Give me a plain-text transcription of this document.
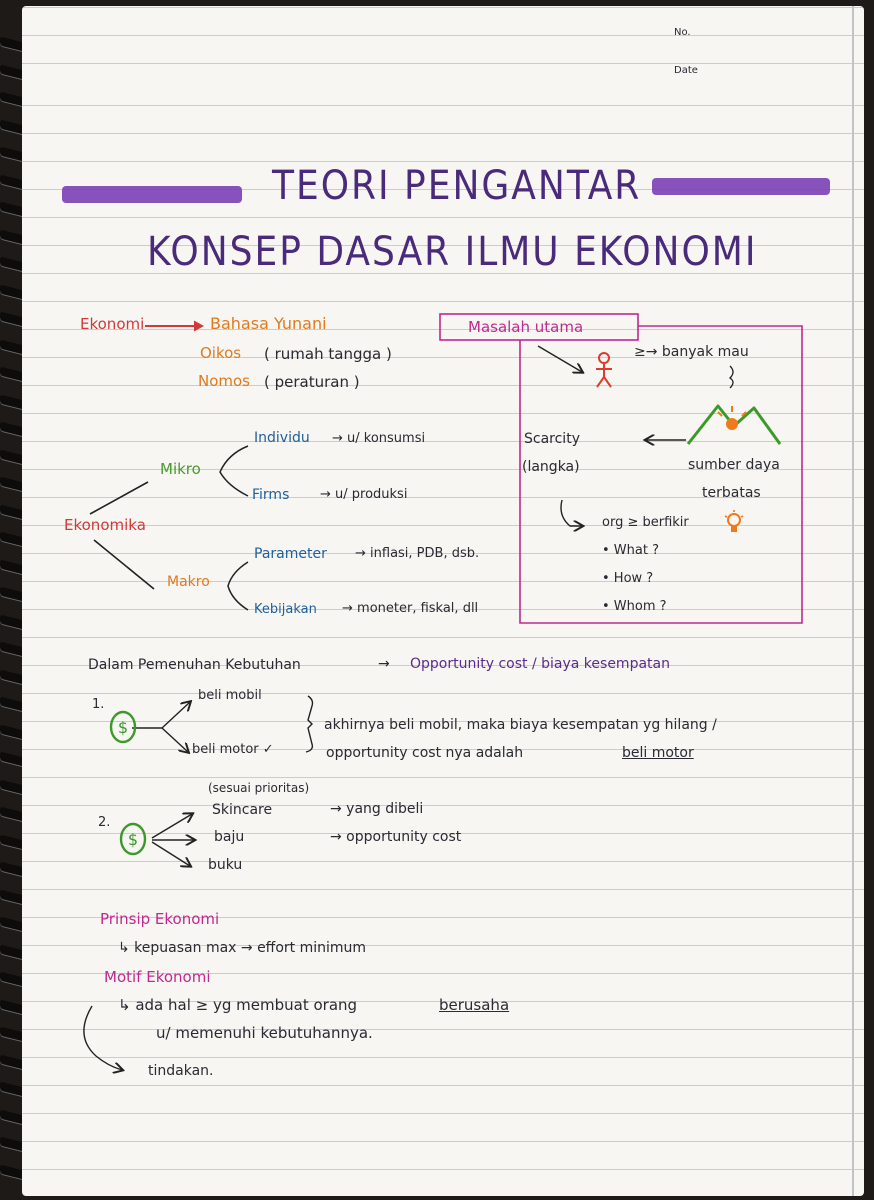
No.
Date
TEORI PENGANTAR
KONSEP DASAR ILMU EKONOMI
Ekonomi	Bahasa Yunani
Oikos ( rumah tangga )
Nomos ( peraturan )
Ekonomika
Mikro
Individu → u/ konsumsi
Firms → u/ produksi
Makro
Parameter → inflasi, PDB, dsb.
Kebijakan → moneter, fiskal, dll
Masalah utama
≥→ banyak mau
Scarcity
(langka)	sumber daya
terbatas
org ≥ berfikir
• What ?
• How ?
• Whom ?
Dalam Pemenuhan Kebutuhan	→ Opportunity cost / biaya kesempatan
1.
beli mobil
beli motor ✓
akhirnya beli mobil, maka biaya kesempatan yg hilang /
opportunity cost nya adalah	beli motor
(sesuai prioritas)
2.
Skincare	→ yang dibeli
baju	→ opportunity cost
buku
Prinsip Ekonomi
↳ kepuasan max → effort minimum
Motif Ekonomi
↳ ada hal ≥ yg membuat orang	berusaha
u/ memenuhi kebutuhannya.
tindakan.
$
$
